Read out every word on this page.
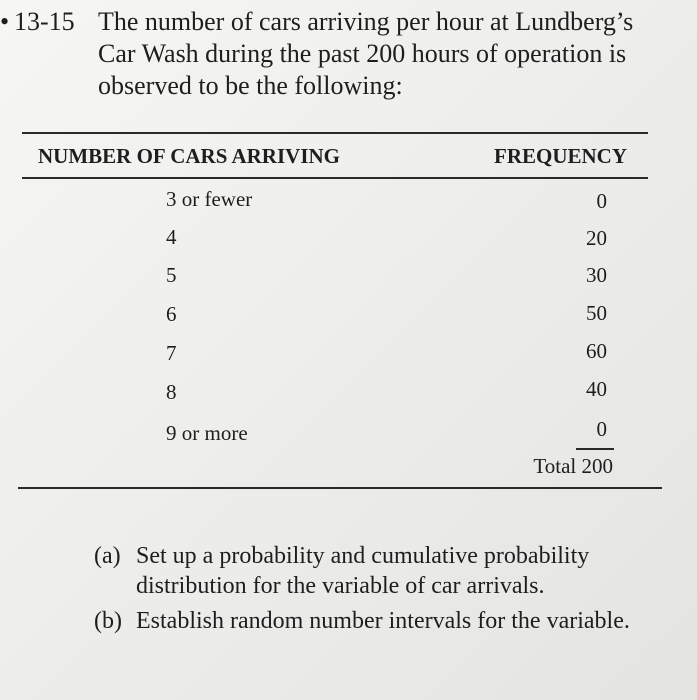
• 13-15 The number of cars arriving per hour at Lundberg’s Car Wash during the past 200 hours of operation is observed to be the following:
NUMBER OF CARS ARRIVING	FREQUENCY
3 or fewer	0
4	20
5	30
6	50
7	60
8	40
9 or more	0
Total 200
(a) Set up a probability and cumulative probability distribution for the variable of car arrivals.
(b) Establish random number intervals for the variable.
